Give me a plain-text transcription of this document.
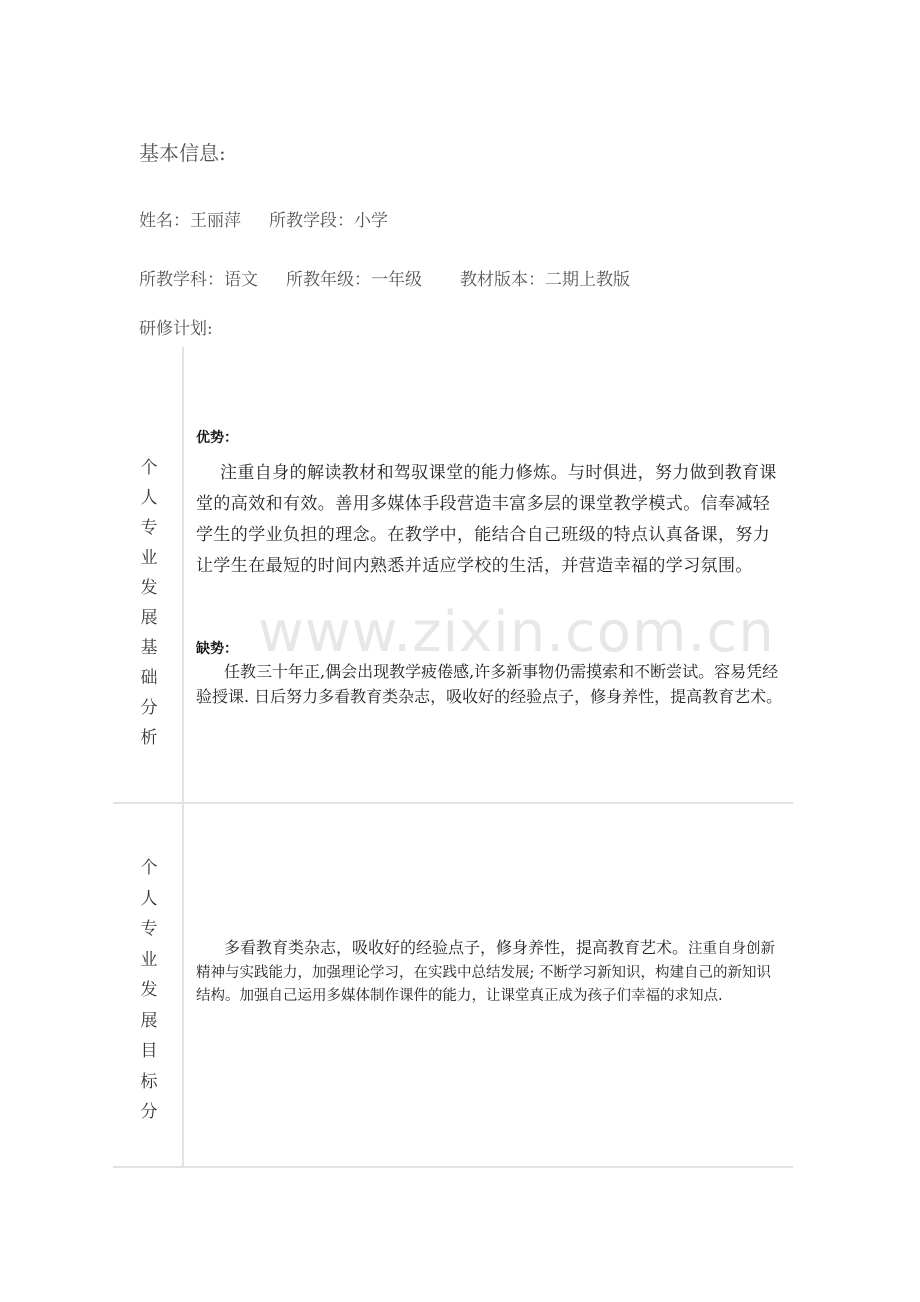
基本信息:
姓名：王丽萍 所教学段：小学
所教学科：语文 所教年级：一年级 教材版本：二期上教版
研修计划:
个
人
专
业
发
展
基
础
分
析
优势：
注重自身的解读教材和驾驭课堂的能力修炼。与时俱进，努力做到教育课堂的高效和有效。善用多媒体手段营造丰富多层的课堂教学模式。信奉减轻学生的学业负担的理念。在教学中，能结合自己班级的特点认真备课，努力让学生在最短的时间内熟悉并适应学校的生活，并营造幸福的学习氛围。
缺势：
任教三十年正,偶会出现教学疲倦感,许多新事物仍需摸索和不断尝试。容易凭经验授课. 日后努力多看教育类杂志，吸收好的经验点子，修身养性，提高教育艺术。
个
人
专
业
发
展
目
标
分
多看教育类杂志，吸收好的经验点子，修身养性，提高教育艺术。注重自身创新精神与实践能力，加强理论学习，在实践中总结发展; 不断学习新知识，构建自己的新知识结构。加强自己运用多媒体制作课件的能力，让课堂真正成为孩子们幸福的求知点.
www.zixin.com.cn
